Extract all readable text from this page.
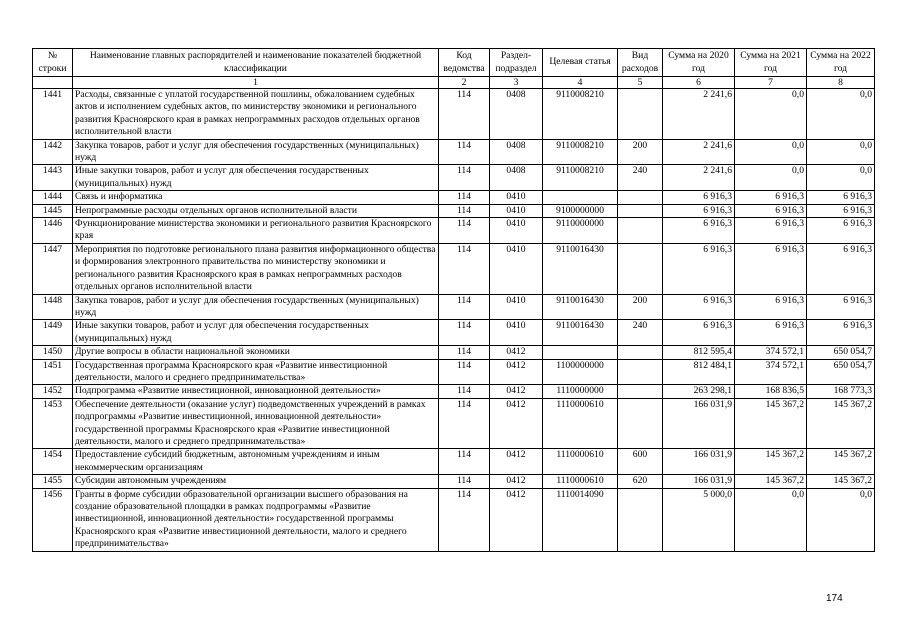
№ строки	Наименование главных распорядителей и наименование показателей бюджетной классификации	Код ведомства	Раздел-подраздел	Целевая статья	Вид расходов	Сумма на 2020 год	Сумма на 2021 год	Сумма на 2022 год
	1	2	3	4	5	6	7	8
1441	Расходы, связанные с уплатой государственной пошлины, обжалованием судебных актов и исполнением судебных актов, по министерству экономики и регионального развития Красноярского края в рамках непрограммных расходов отдельных органов исполнительной власти	114	0408	9110008210		2 241,6	0,0	0,0
1442	Закупка товаров, работ и услуг для обеспечения государственных (муниципальных) нужд	114	0408	9110008210	200	2 241,6	0,0	0,0
1443	Иные закупки товаров, работ и услуг для обеспечения государственных (муниципальных) нужд	114	0408	9110008210	240	2 241,6	0,0	0,0
1444	Связь и информатика	114	0410			6 916,3	6 916,3	6 916,3
1445	Непрограммные расходы отдельных органов исполнительной власти	114	0410	9100000000		6 916,3	6 916,3	6 916,3
1446	Функционирование министерства экономики и регионального развития Красноярского края	114	0410	9110000000		6 916,3	6 916,3	6 916,3
1447	Мероприятия по подготовке регионального плана развития информационного общества и формирования электронного правительства по министерству экономики и регионального развития Красноярского края в рамках непрограммных расходов отдельных органов исполнительной власти	114	0410	9110016430		6 916,3	6 916,3	6 916,3
1448	Закупка товаров, работ и услуг для обеспечения государственных (муниципальных) нужд	114	0410	9110016430	200	6 916,3	6 916,3	6 916,3
1449	Иные закупки товаров, работ и услуг для обеспечения государственных (муниципальных) нужд	114	0410	9110016430	240	6 916,3	6 916,3	6 916,3
1450	Другие вопросы в области национальной экономики	114	0412			812 595,4	374 572,1	650 054,7
1451	Государственная программа Красноярского края «Развитие инвестиционной деятельности, малого и среднего предпринимательства»	114	0412	1100000000		812 484,1	374 572,1	650 054,7
1452	Подпрограмма «Развитие инвестиционной, инновационной деятельности»	114	0412	1110000000		263 298,1	168 836,5	168 773,3
1453	Обеспечение деятельности (оказание услуг) подведомственных учреждений в рамках подпрограммы «Развитие инвестиционной, инновационной деятельности» государственной программы Красноярского края «Развитие инвестиционной деятельности, малого и среднего предпринимательства»	114	0412	1110000610		166 031,9	145 367,2	145 367,2
1454	Предоставление субсидий бюджетным, автономным учреждениям и иным некоммерческим организациям	114	0412	1110000610	600	166 031,9	145 367,2	145 367,2
1455	Субсидии автономным учреждениям	114	0412	1110000610	620	166 031,9	145 367,2	145 367,2
1456	Гранты в форме субсидии образовательной организации высшего образования на создание образовательной площадки в рамках подпрограммы «Развитие инвестиционной, инновационной деятельности» государственной программы Красноярского края «Развитие инвестиционной деятельности, малого и среднего предпринимательства»	114	0412	1110014090		5 000,0	0,0	0,0
174
